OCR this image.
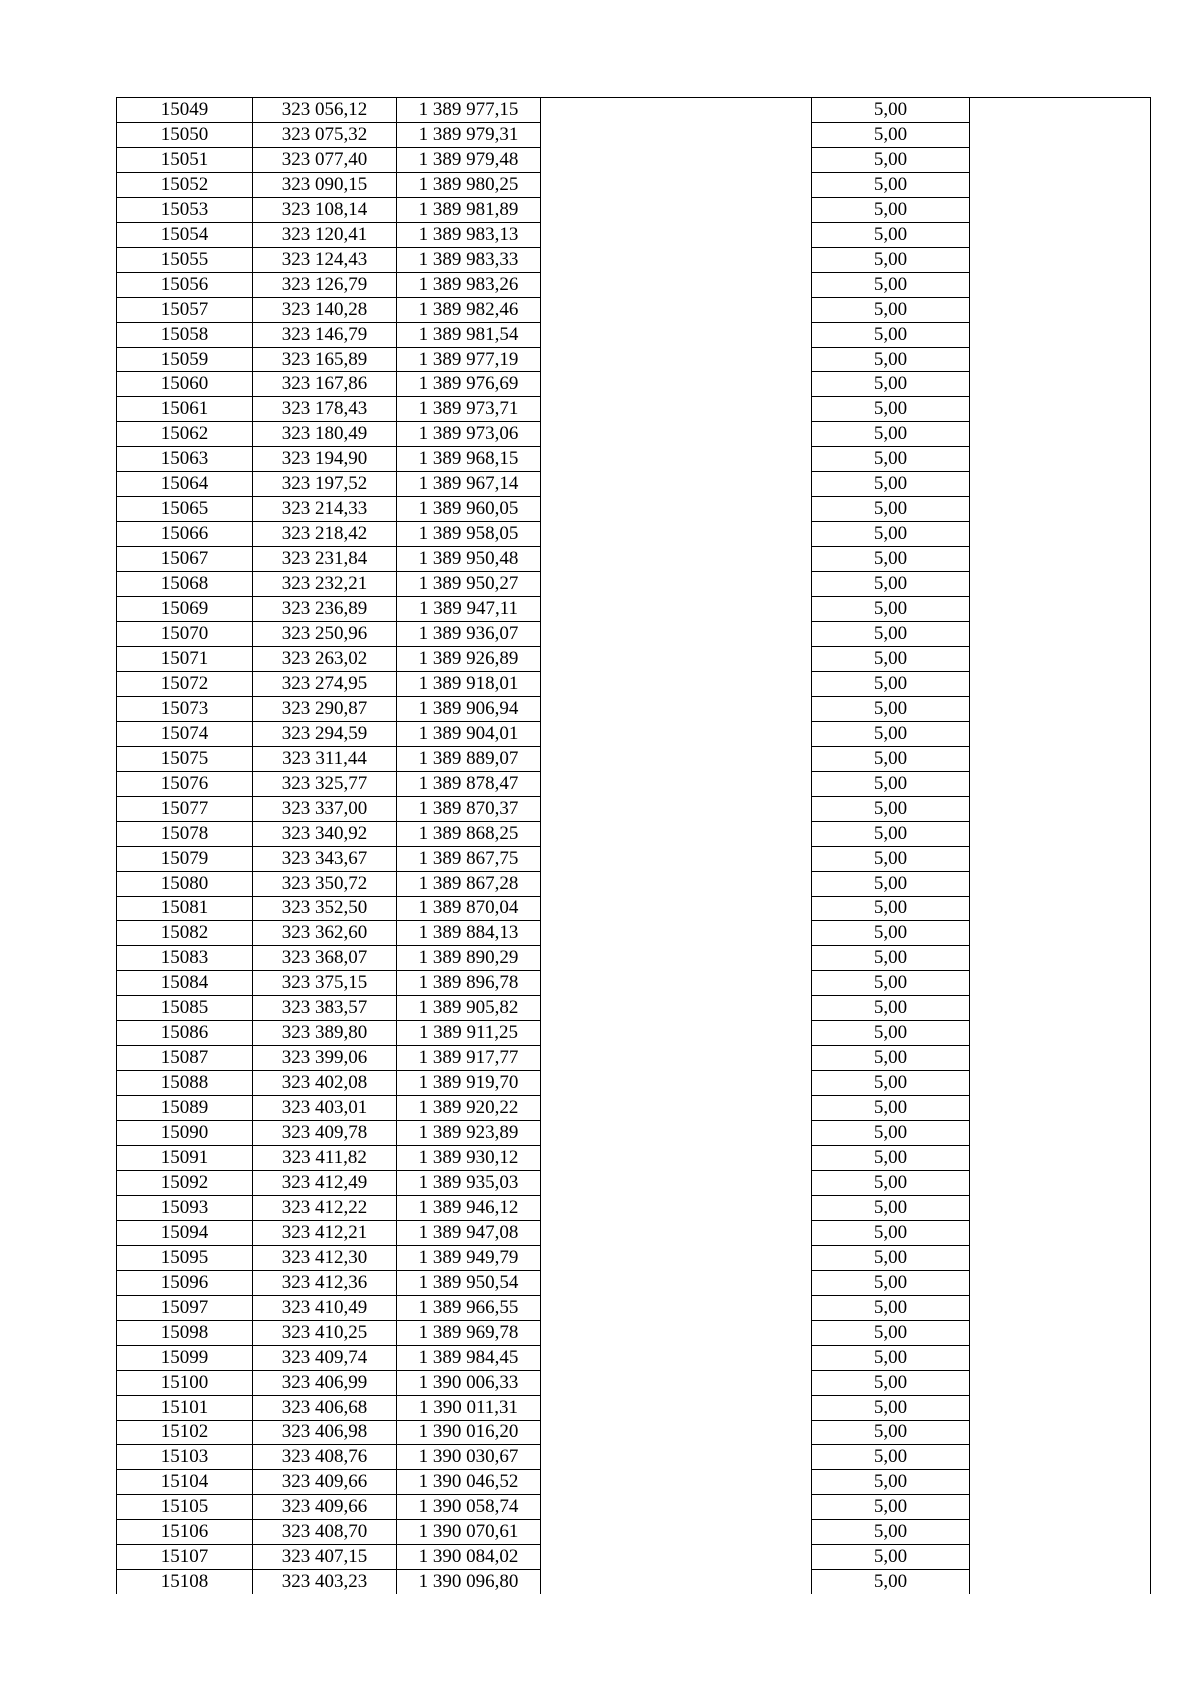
15049	323 056,12	1 389 977,15		5,00	
15050	323 075,32	1 389 979,31		5,00	
15051	323 077,40	1 389 979,48		5,00	
15052	323 090,15	1 389 980,25		5,00	
15053	323 108,14	1 389 981,89		5,00	
15054	323 120,41	1 389 983,13		5,00	
15055	323 124,43	1 389 983,33		5,00	
15056	323 126,79	1 389 983,26		5,00	
15057	323 140,28	1 389 982,46		5,00	
15058	323 146,79	1 389 981,54		5,00	
15059	323 165,89	1 389 977,19		5,00	
15060	323 167,86	1 389 976,69		5,00	
15061	323 178,43	1 389 973,71		5,00	
15062	323 180,49	1 389 973,06		5,00	
15063	323 194,90	1 389 968,15		5,00	
15064	323 197,52	1 389 967,14		5,00	
15065	323 214,33	1 389 960,05		5,00	
15066	323 218,42	1 389 958,05		5,00	
15067	323 231,84	1 389 950,48		5,00	
15068	323 232,21	1 389 950,27		5,00	
15069	323 236,89	1 389 947,11		5,00	
15070	323 250,96	1 389 936,07		5,00	
15071	323 263,02	1 389 926,89		5,00	
15072	323 274,95	1 389 918,01		5,00	
15073	323 290,87	1 389 906,94		5,00	
15074	323 294,59	1 389 904,01		5,00	
15075	323 311,44	1 389 889,07		5,00	
15076	323 325,77	1 389 878,47		5,00	
15077	323 337,00	1 389 870,37		5,00	
15078	323 340,92	1 389 868,25		5,00	
15079	323 343,67	1 389 867,75		5,00	
15080	323 350,72	1 389 867,28		5,00	
15081	323 352,50	1 389 870,04		5,00	
15082	323 362,60	1 389 884,13		5,00	
15083	323 368,07	1 389 890,29		5,00	
15084	323 375,15	1 389 896,78		5,00	
15085	323 383,57	1 389 905,82		5,00	
15086	323 389,80	1 389 911,25		5,00	
15087	323 399,06	1 389 917,77		5,00	
15088	323 402,08	1 389 919,70		5,00	
15089	323 403,01	1 389 920,22		5,00	
15090	323 409,78	1 389 923,89		5,00	
15091	323 411,82	1 389 930,12		5,00	
15092	323 412,49	1 389 935,03		5,00	
15093	323 412,22	1 389 946,12		5,00	
15094	323 412,21	1 389 947,08		5,00	
15095	323 412,30	1 389 949,79		5,00	
15096	323 412,36	1 389 950,54		5,00	
15097	323 410,49	1 389 966,55		5,00	
15098	323 410,25	1 389 969,78		5,00	
15099	323 409,74	1 389 984,45		5,00	
15100	323 406,99	1 390 006,33		5,00	
15101	323 406,68	1 390 011,31		5,00	
15102	323 406,98	1 390 016,20		5,00	
15103	323 408,76	1 390 030,67		5,00	
15104	323 409,66	1 390 046,52		5,00	
15105	323 409,66	1 390 058,74		5,00	
15106	323 408,70	1 390 070,61		5,00	
15107	323 407,15	1 390 084,02		5,00	
15108	323 403,23	1 390 096,80		5,00	
